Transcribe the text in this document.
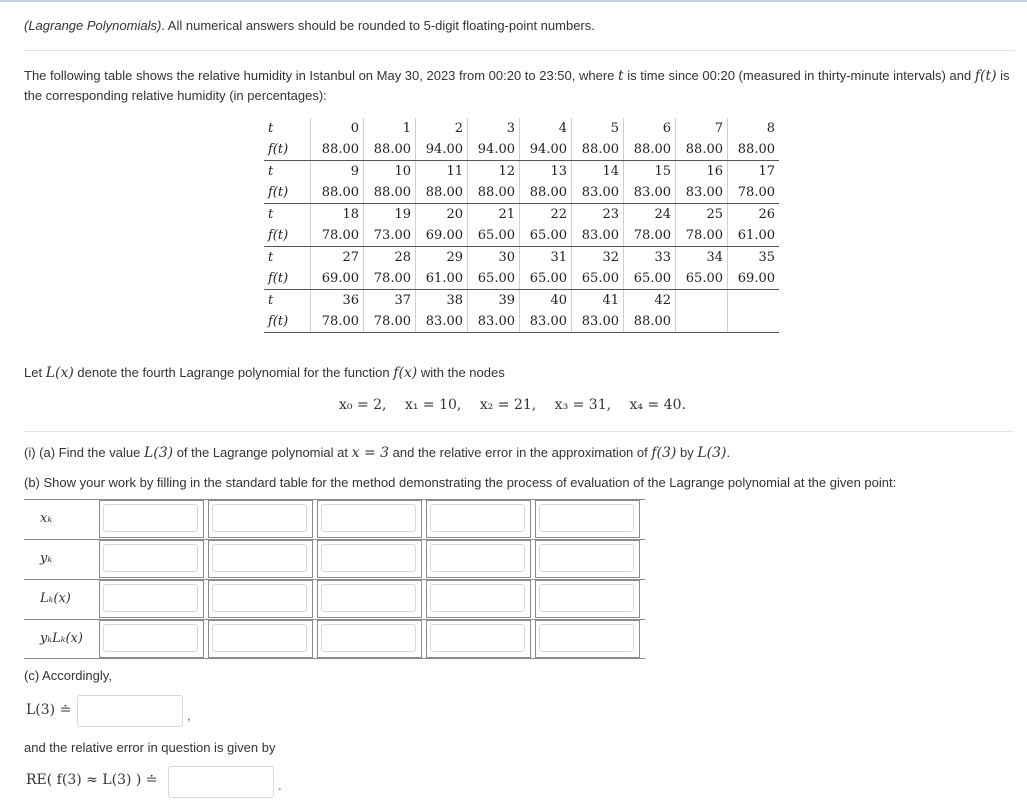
(Lagrange Polynomials). All numerical answers should be rounded to 5-digit floating-point numbers.
The following table shows the relative humidity in Istanbul on May 30, 2023 from 00:20 to 23:50, where t is time since 00:20 (measured in thirty-minute intervals) and f(t) is the corresponding relative humidity (in percentages):
t	0	1	2	3	4	5	6	7	8
f(t)	88.00	88.00	94.00	94.00	94.00	88.00	88.00	88.00	88.00
t	9	10	11	12	13	14	15	16	17
f(t)	88.00	88.00	88.00	88.00	88.00	83.00	83.00	83.00	78.00
t	18	19	20	21	22	23	24	25	26
f(t)	78.00	73.00	69.00	65.00	65.00	83.00	78.00	78.00	61.00
t	27	28	29	30	31	32	33	34	35
f(t)	69.00	78.00	61.00	65.00	65.00	65.00	65.00	65.00	69.00
t	36	37	38	39	40	41	42		
f(t)	78.00	78.00	83.00	83.00	83.00	83.00	88.00		
Let L(x) denote the fourth Lagrange polynomial for the function f(x) with the nodes
x₀ = 2, x₁ = 10, x₂ = 21, x₃ = 31, x₄ = 40.
(i) (a) Find the value L(3) of the Lagrange polynomial at x = 3 and the relative error in the approximation of f(3) by L(3).
(b) Show your work by filling in the standard table for the method demonstrating the process of evaluation of the Lagrange polynomial at the given point:
xₖ
yₖ
Lₖ(x)
yₖLₖ(x)
(c) Accordingly,
L(3) ≐	,
and the relative error in question is given by
RE( f(3) ≈ L(3) ) ≐	.
